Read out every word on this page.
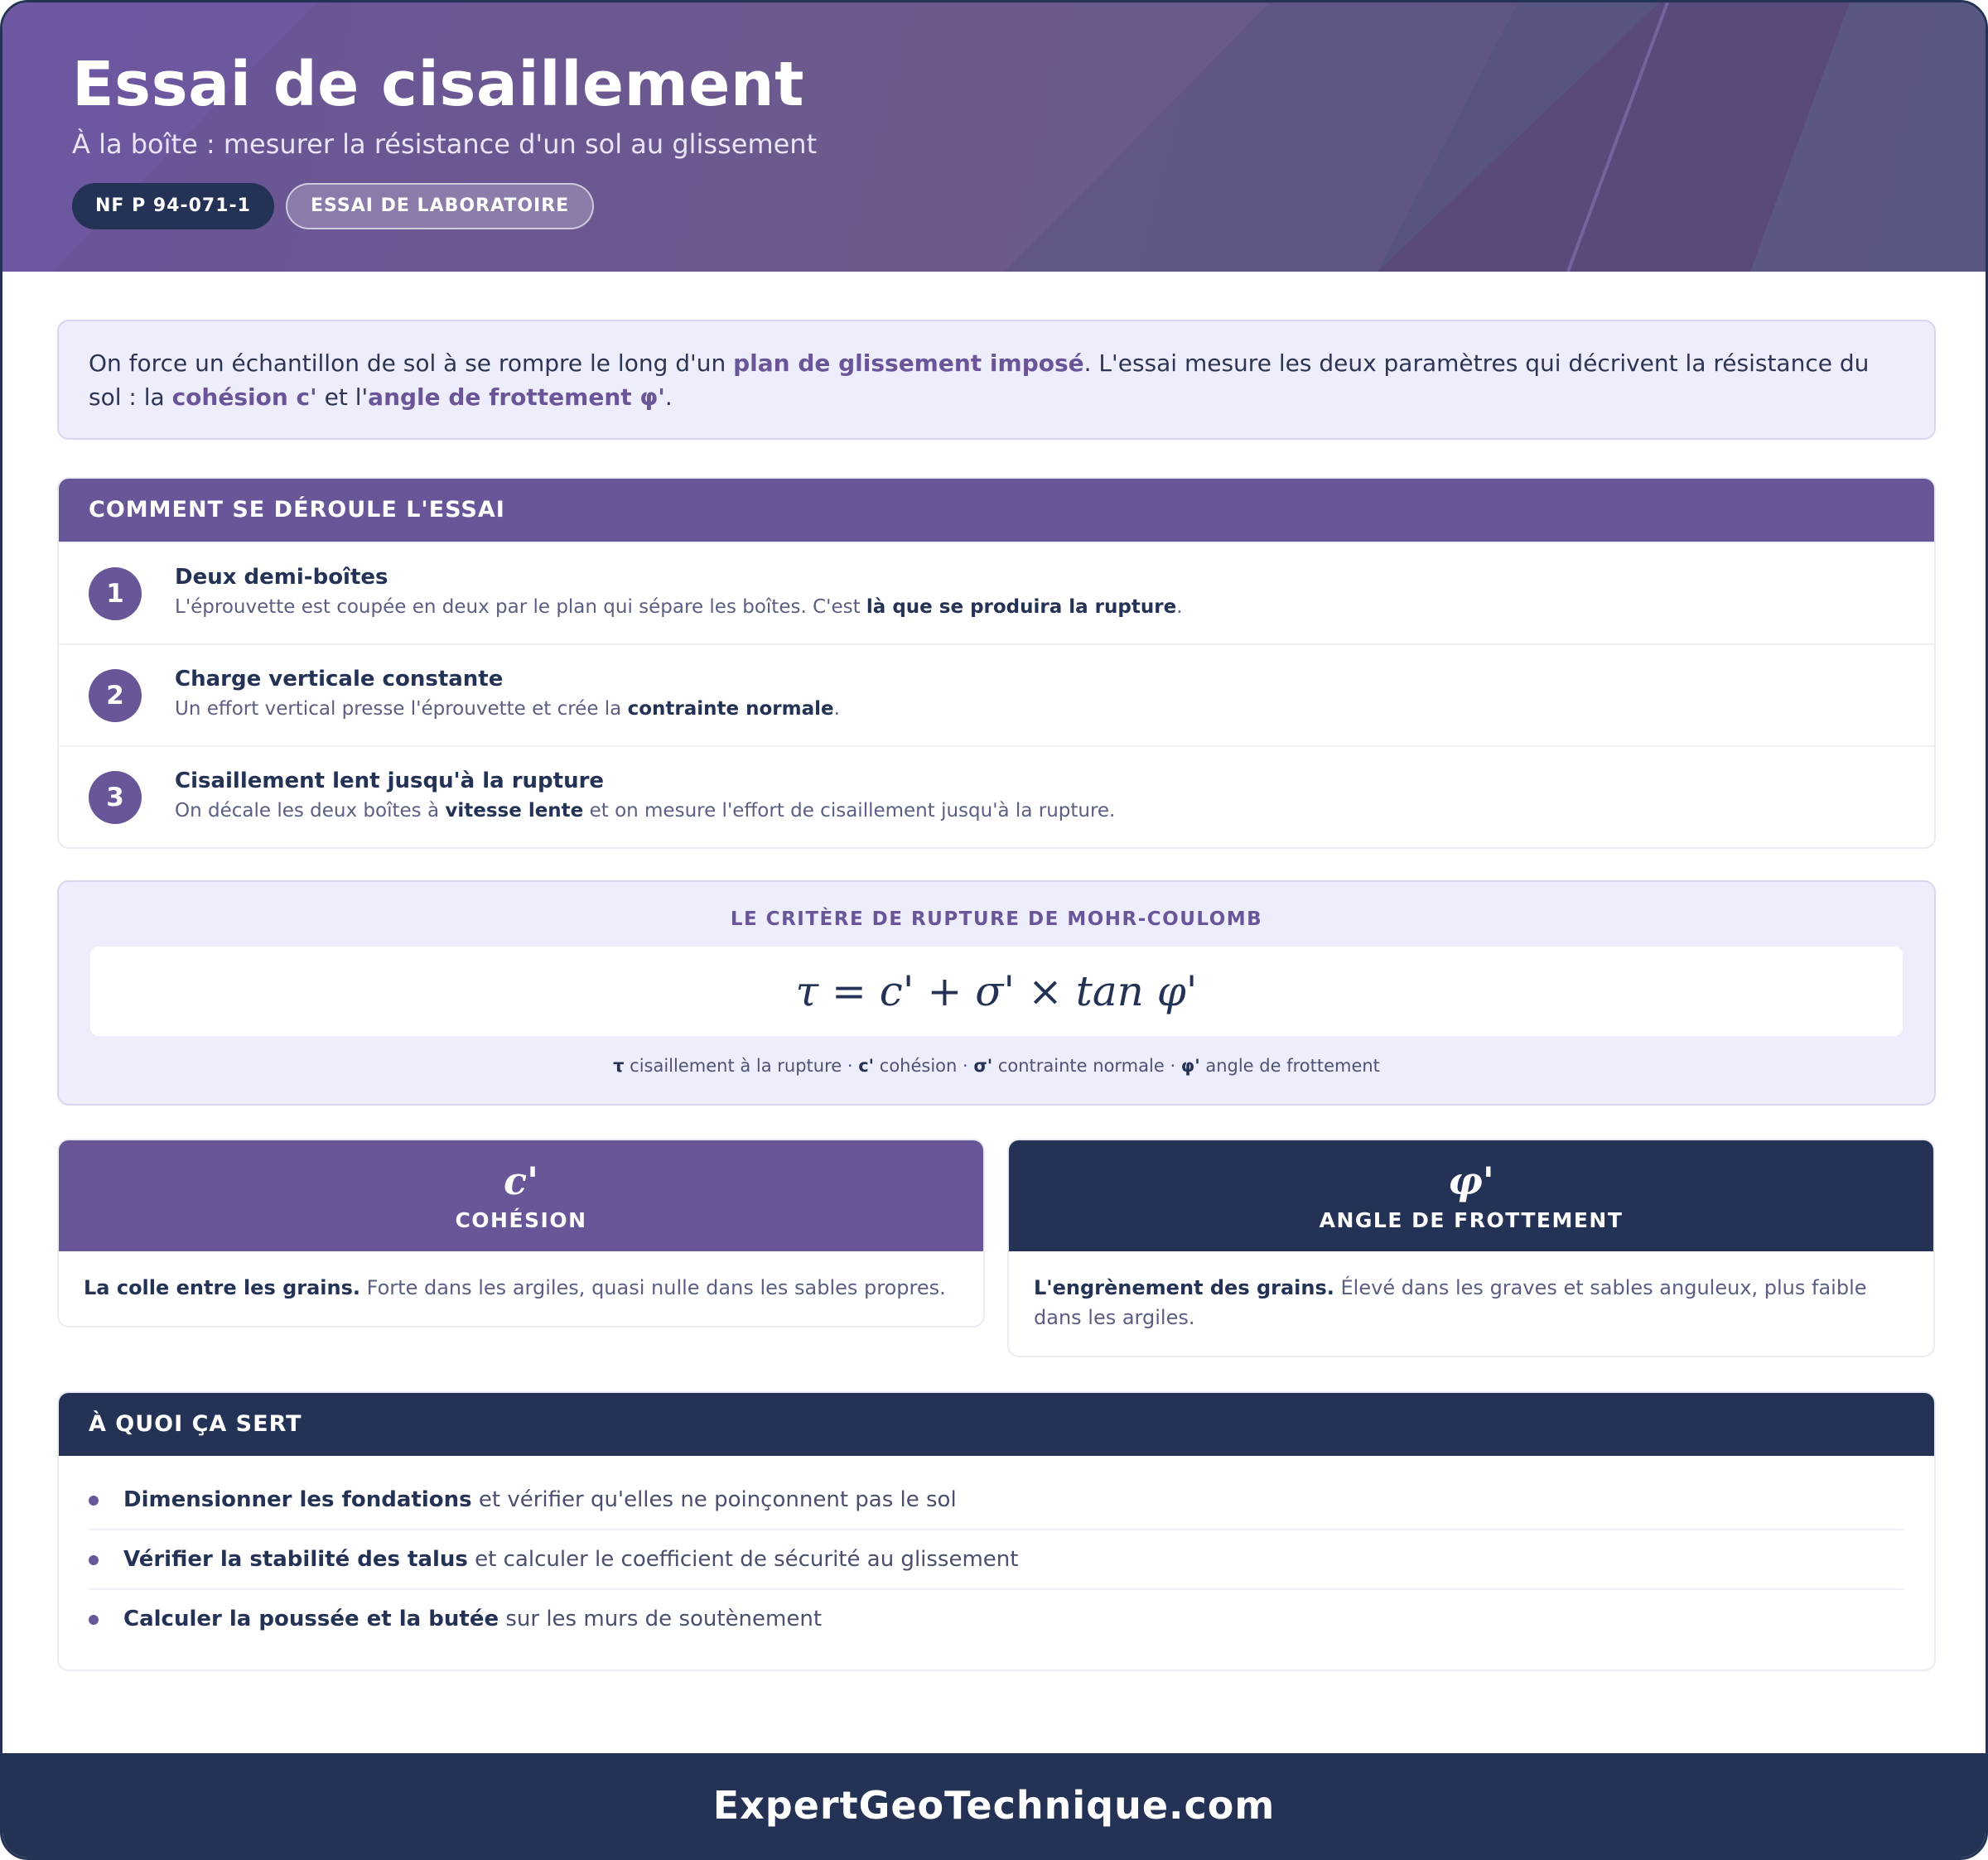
Essai de cisaillement
À la boîte : mesurer la résistance d'un sol au glissement
NF P 94-071-1	ESSAI DE LABORATOIRE
On force un échantillon de sol à se rompre le long d'un plan de glissement imposé. L'essai mesure les deux paramètres qui décrivent la résistance du sol : la cohésion c' et l'angle de frottement φ'.
COMMENT SE DÉROULE L'ESSAI
1
Deux demi-boîtes
L'éprouvette est coupée en deux par le plan qui sépare les boîtes. C'est là que se produira la rupture.
2
Charge verticale constante
Un effort vertical presse l'éprouvette et crée la contrainte normale.
3
Cisaillement lent jusqu'à la rupture
On décale les deux boîtes à vitesse lente et on mesure l'effort de cisaillement jusqu'à la rupture.
LE CRITÈRE DE RUPTURE DE MOHR-COULOMB
τ = c' + σ' × tan φ'
τ cisaillement à la rupture · c' cohésion · σ' contrainte normale · φ' angle de frottement
c'
COHÉSION
La colle entre les grains. Forte dans les argiles, quasi nulle dans les sables propres.
φ'
ANGLE DE FROTTEMENT
L'engrènement des grains. Élevé dans les graves et sables anguleux, plus faible dans les argiles.
À QUOI ÇA SERT
Dimensionner les fondations et vérifier qu'elles ne poinçonnent pas le sol
Vérifier la stabilité des talus et calculer le coefficient de sécurité au glissement
Calculer la poussée et la butée sur les murs de soutènement
ExpertGeoTechnique.com
